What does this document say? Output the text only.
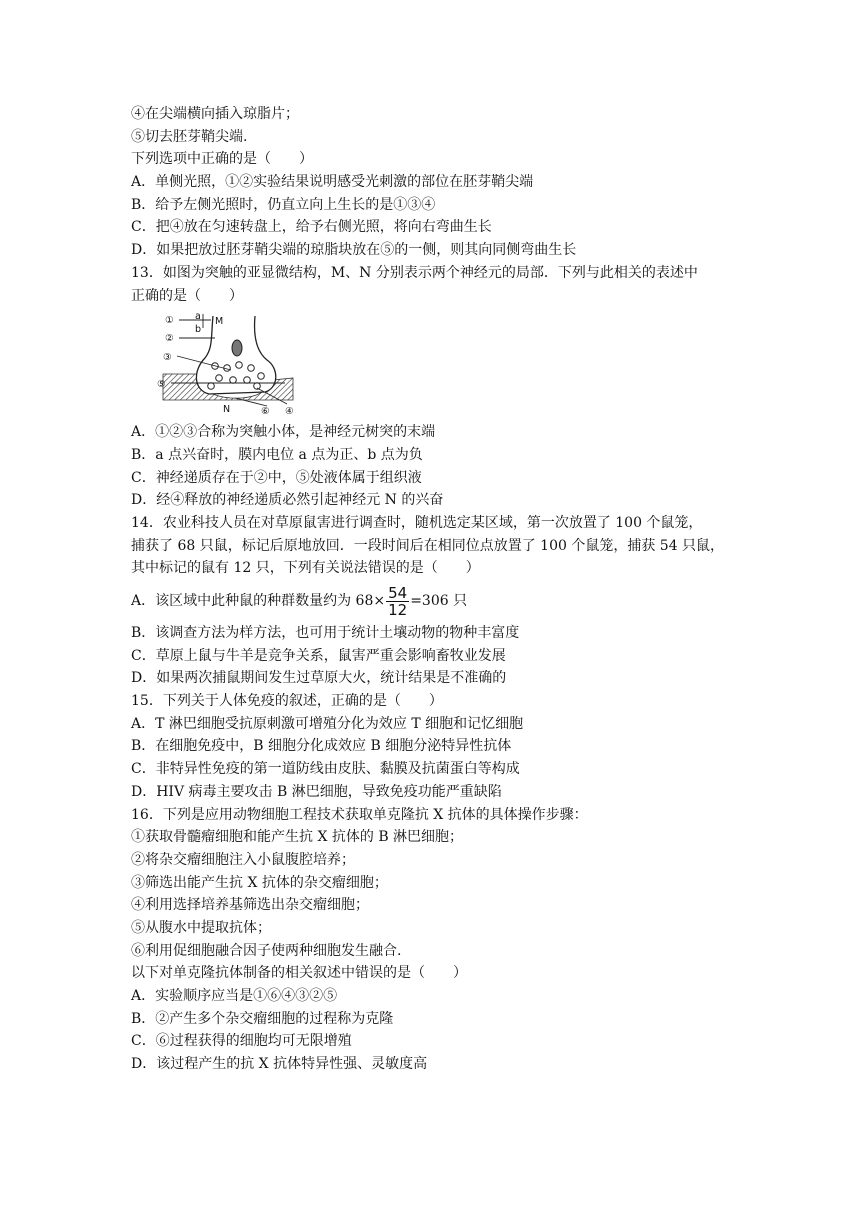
④在尖端横向插入琼脂片；
⑤切去胚芽鞘尖端.
下列选项中正确的是（　　）
A．单侧光照，①②实验结果说明感受光刺激的部位在胚芽鞘尖端
B．给予左侧光照时，仍直立向上生长的是①③④
C．把④放在匀速转盘上，给予右侧光照，将向右弯曲生长
D．如果把放过胚芽鞘尖端的琼脂块放在⑤的一侧，则其向同侧弯曲生长
13．如图为突触的亚显微结构，M、N 分别表示两个神经元的局部．下列与此相关的表述中
正确的是（　　）
①
②
③
⑤
⑥ ④
a
b
M
N
A．①②③合称为突触小体，是神经元树突的末端
B．a 点兴奋时，膜内电位 a 点为正、b 点为负
C．神经递质存在于②中，⑤处液体属于组织液
D．经④释放的神经递质必然引起神经元 N 的兴奋
14．农业科技人员在对草原鼠害进行调查时，随机选定某区域，第一次放置了 100 个鼠笼，
捕获了 68 只鼠，标记后原地放回．一段时间后在相同位点放置了 100 个鼠笼，捕获 54 只鼠，
其中标记的鼠有 12 只，下列有关说法错误的是（　　）
A．该区域中此种鼠的种群数量约为 $68\times \frac{54}{12} =306$ 只
B．该调查方法为样方法，也可用于统计土壤动物的物种丰富度
C．草原上鼠与牛羊是竞争关系，鼠害严重会影响畜牧业发展
D．如果两次捕鼠期间发生过草原大火，统计结果是不准确的
15．下列关于人体免疫的叙述，正确的是（　　）
A．T 淋巴细胞受抗原刺激可增殖分化为效应 T 细胞和记忆细胞
B．在细胞免疫中，B 细胞分化成效应 B 细胞分泌特异性抗体
C．非特异性免疫的第一道防线由皮肤、黏膜及抗菌蛋白等构成
D．HIV 病毒主要攻击 B 淋巴细胞，导致免疫功能严重缺陷
16．下列是应用动物细胞工程技术获取单克隆抗 X 抗体的具体操作步骤：
①获取骨髓瘤细胞和能产生抗 X 抗体的 B 淋巴细胞；
②将杂交瘤细胞注入小鼠腹腔培养；
③筛选出能产生抗 X 抗体的杂交瘤细胞；
④利用选择培养基筛选出杂交瘤细胞；
⑤从腹水中提取抗体；
⑥利用促细胞融合因子使两种细胞发生融合.
以下对单克隆抗体制备的相关叙述中错误的是（　　）
A．实验顺序应当是①⑥④③②⑤
B．②产生多个杂交瘤细胞的过程称为克隆
C．⑥过程获得的细胞均可无限增殖
D．该过程产生的抗 X 抗体特异性强、灵敏度高
